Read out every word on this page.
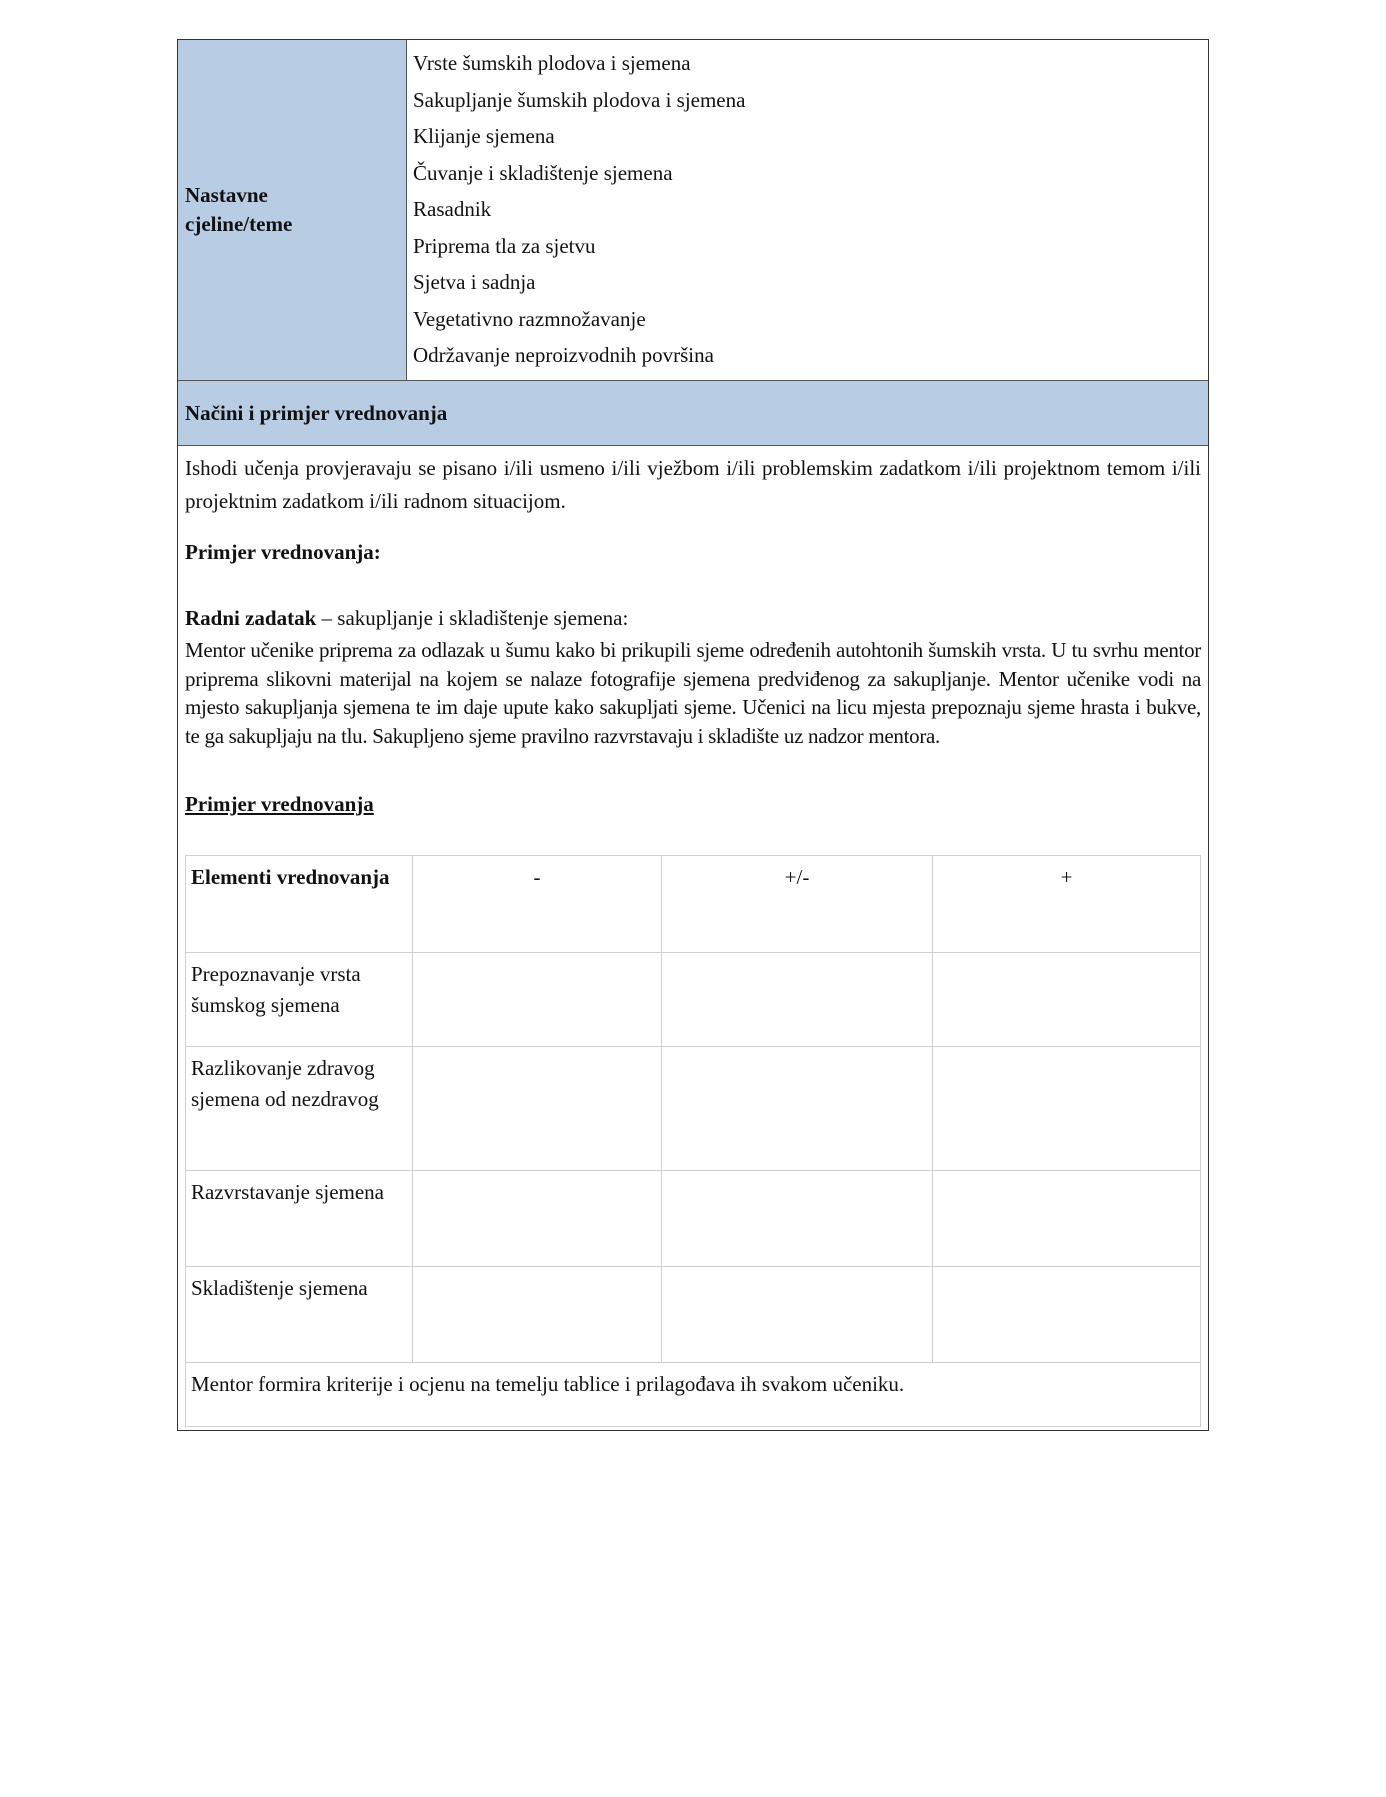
Nastavne cjeline/teme
Vrste šumskih plodova i sjemena
Sakupljanje šumskih plodova i sjemena
Klijanje sjemena
Čuvanje i skladištenje sjemena
Rasadnik
Priprema tla za sjetvu
Sjetva i sadnja
Vegetativno razmnožavanje
Održavanje neproizvodnih površina
Načini i primjer vrednovanja

Ishodi učenja provjeravaju se pisano i/ili usmeno i/ili vježbom i/ili problemskim zadatkom i/ili projektnom temom i/ili projektnim zadatkom i/ili radnom situacijom.

Primjer vrednovanja:

Radni zadatak – sakupljanje i skladištenje sjemena:

Mentor učenike priprema za odlazak u šumu kako bi prikupili sjeme određenih autohtonih šumskih vrsta. U tu svrhu mentor priprema slikovni materijal na kojem se nalaze fotografije sjemena predviđenog za sakupljanje. Mentor učenike vodi na mjesto sakupljanja sjemena te im daje upute kako sakupljati sjeme. Učenici na licu mjesta prepoznaju sjeme hrasta i bukve, te ga sakupljaju na tlu. Sakupljeno sjeme pravilno razvrstavaju i skladište uz nadzor mentora.

Primjer vrednovanja

Elementi vrednovanja	-	+/-	+
Prepoznavanje vrsta šumskog sjemena			
Razlikovanje zdravog sjemena od nezdravog			
Razvrstavanje sjemena			
Skladištenje sjemena			
Mentor formira kriterije i ocjenu na temelju tablice i prilagođava ih svakom učeniku.			
